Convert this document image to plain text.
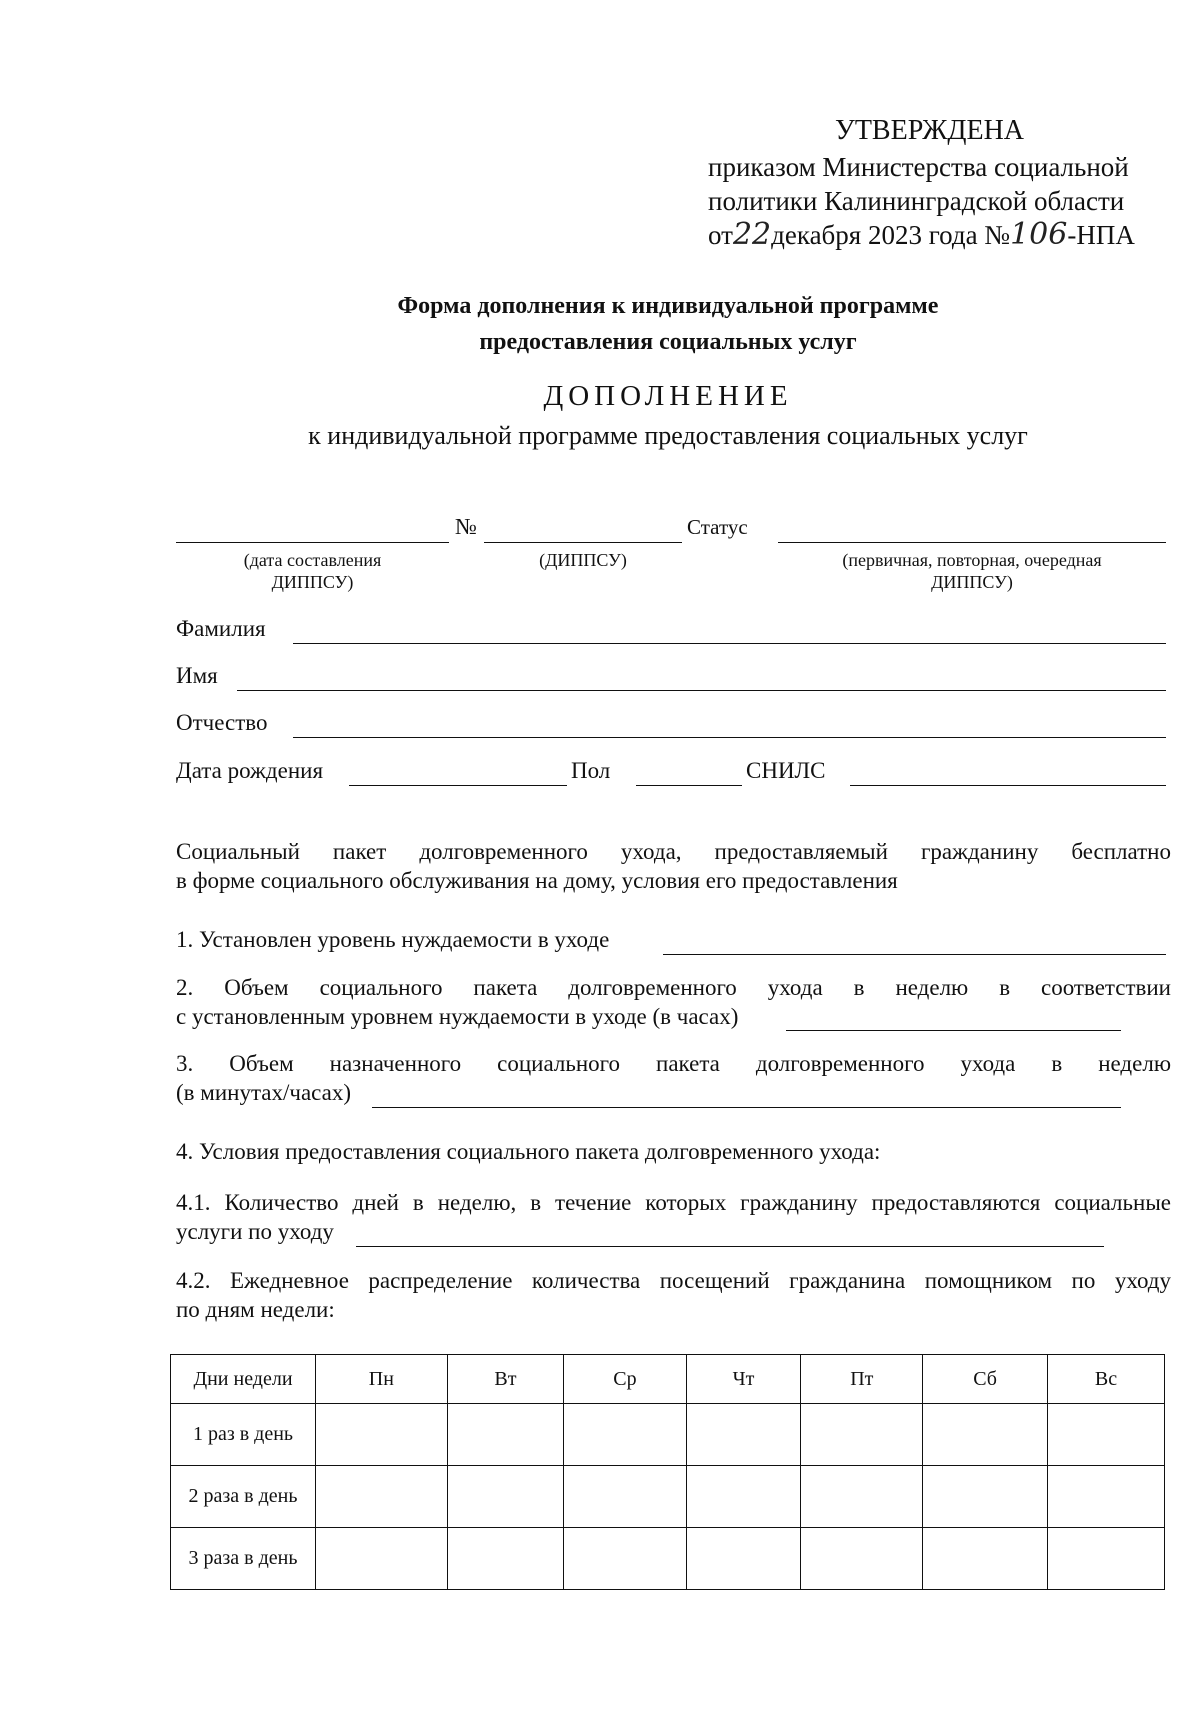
УТВЕРЖДЕНА
приказом Министерства социальной
политики Калининградской области
от22декабря 2023 года №106-НПА
Форма дополнения к индивидуальной программе
предоставления социальных услуг
ДОПОЛНЕНИЕ
к индивидуальной программе предоставления социальных услуг
№	Статус
(дата составления
ДИППСУ)
(ДИППСУ)	(первичная, повторная, очередная
ДИППСУ)
Фамилия
Имя
Отчество
Дата рождения	Пол	СНИЛС
Социальный пакет долговременного ухода, предоставляемый гражданину бесплатно
в форме социального обслуживания на дому, условия его предоставления
1. Установлен уровень нуждаемости в уходе
2. Объем социального пакета долговременного ухода в неделю в соответствии
с установленным уровнем нуждаемости в уходе (в часах)
3. Объем назначенного социального пакета долговременного ухода в неделю
(в минутах/часах)
4. Условия предоставления социального пакета долговременного ухода:
4.1. Количество дней в неделю, в течение которых гражданину предоставляются социальные
услуги по уходу
4.2. Ежедневное распределение количества посещений гражданина помощником по уходу
по дням недели:
Дни недели	Пн	Вт	Ср	Чт	Пт	Сб	Вс
1 раз в день							
2 раза в день							
3 раза в день							
